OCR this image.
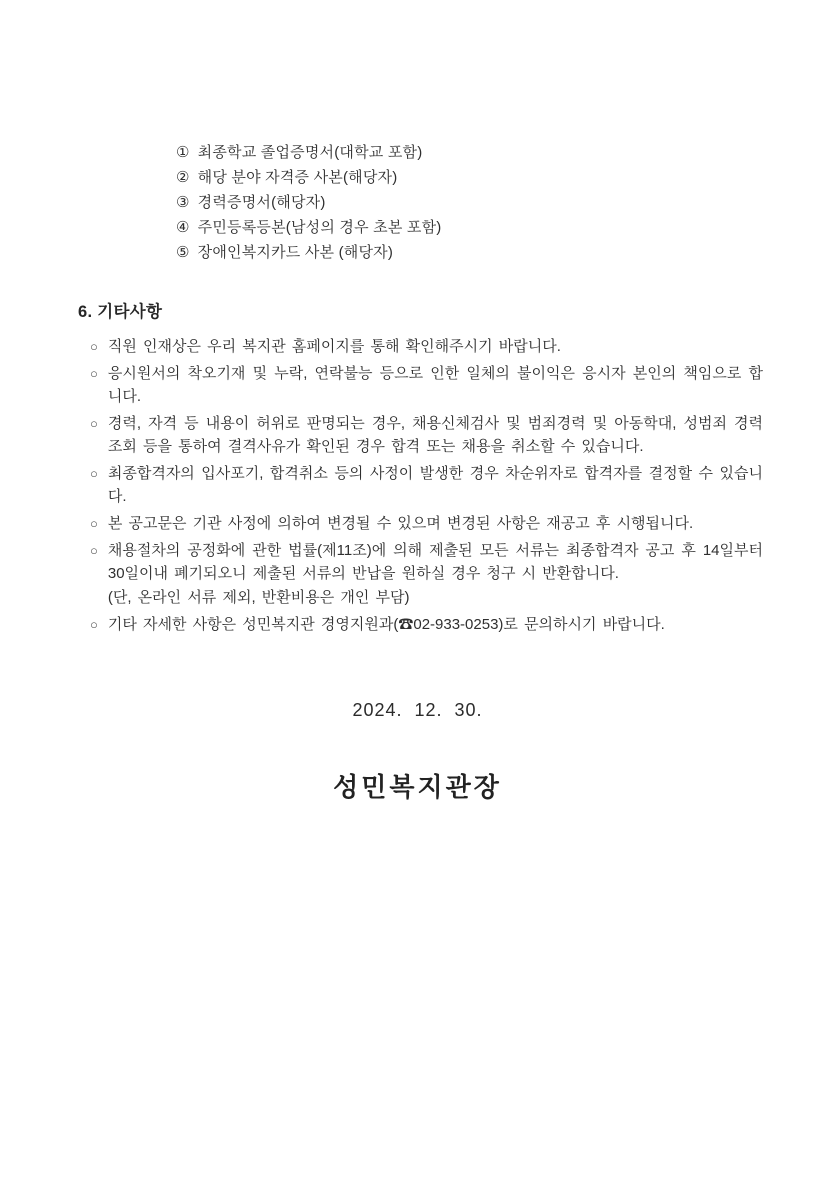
① 최종학교 졸업증명서(대학교 포함)
② 해당 분야 자격증 사본(해당자)
③ 경력증명서(해당자)
④ 주민등록등본(남성의 경우 초본 포함)
⑤ 장애인복지카드 사본 (해당자)
6. 기타사항
○ 직원 인재상은 우리 복지관 홈페이지를 통해 확인해주시기 바랍니다.
○ 응시원서의 착오기재 및 누락, 연락불능 등으로 인한 일체의 불이익은 응시자 본인의 책임으로 합니다.
○ 경력, 자격 등 내용이 허위로 판명되는 경우, 채용신체검사 및 범죄경력 및 아동학대, 성범죄 경력조회 등을 통하여 결격사유가 확인된 경우 합격 또는 채용을 취소할 수 있습니다.
○ 최종합격자의 입사포기, 합격취소 등의 사정이 발생한 경우 차순위자로 합격자를 결정할 수 있습니다.
○ 본 공고문은 기관 사정에 의하여 변경될 수 있으며 변경된 사항은 재공고 후 시행됩니다.
○ 채용절차의 공정화에 관한 법률(제11조)에 의해 제출된 모든 서류는 최종합격자 공고 후 14일부터 30일이내 폐기되오니 제출된 서류의 반납을 원하실 경우 청구 시 반환합니다.
(단, 온라인 서류 제외, 반환비용은 개인 부담)
○ 기타 자세한 사항은 성민복지관 경영지원과(☎02-933-0253)로 문의하시기 바랍니다.
2024.  12.  30.
성민복지관장
